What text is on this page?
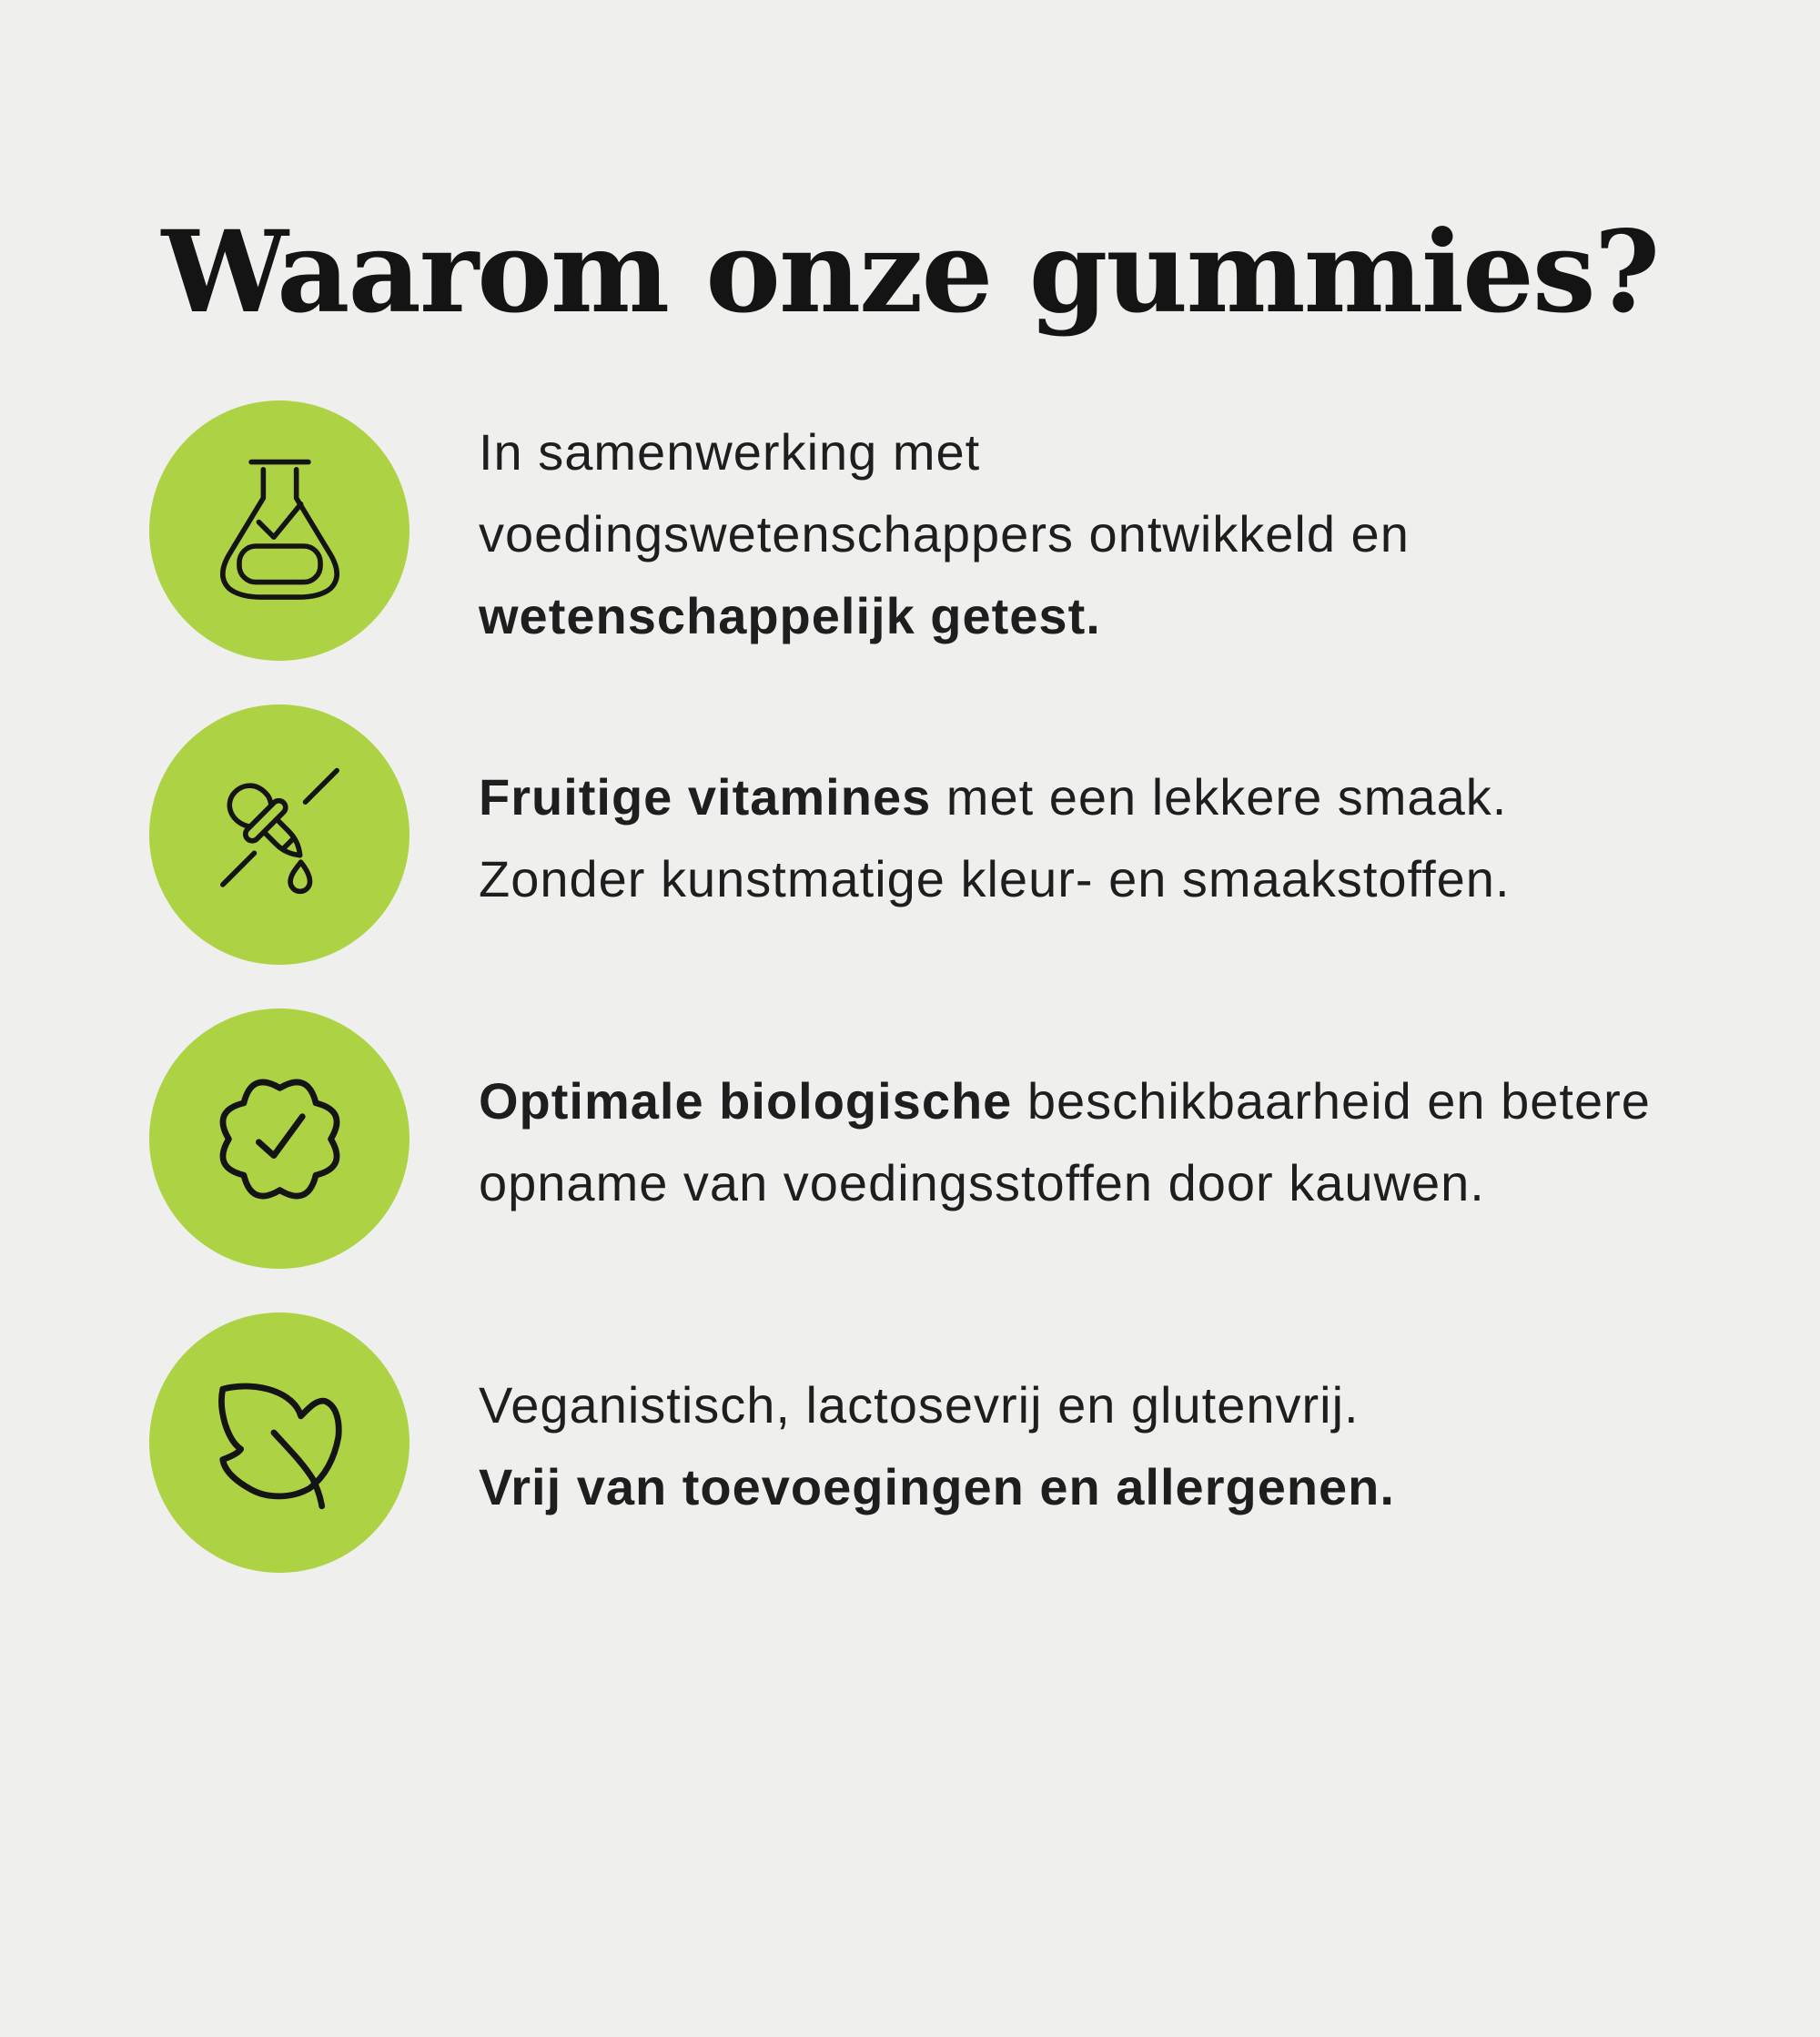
Waarom onze gummies?
In samenwerking met
voedingswetenschappers ontwikkeld en
wetenschappelijk getest.
Fruitige vitamines met een lekkere smaak.
Zonder kunstmatige kleur- en smaakstoffen.
Optimale biologische beschikbaarheid en betere
opname van voedingsstoffen door kauwen.
Veganistisch, lactosevrij en glutenvrij.
Vrij van toevoegingen en allergenen.
